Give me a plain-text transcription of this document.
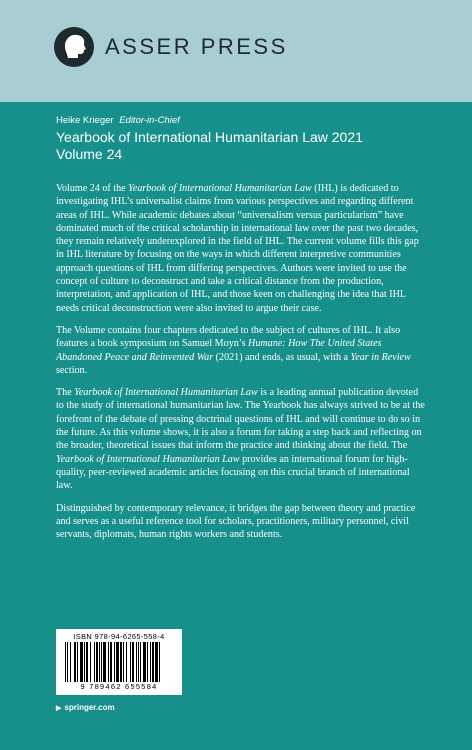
ASSER PRESS
Heike Krieger Editor-in-Chief
Yearbook of International Humanitarian Law 2021
Volume 24

Volume 24 of the Yearbook of International Humanitarian Law (IHL) is dedicated to investigating IHL’s universalist claims from various perspectives and regarding different areas of IHL. While academic debates about “universalism versus particularism” have dominated much of the critical scholarship in international law over the past two decades, they remain relatively underexplored in the field of IHL. The current volume fills this gap in IHL literature by focusing on the ways in which different interpretive communities approach questions of IHL from differing perspectives. Authors were invited to use the concept of culture to deconstruct and take a critical distance from the production, interpretation, and application of IHL, and those keen on challenging the idea that IHL needs critical deconstruction were also invited to argue their case.

The Volume contains four chapters dedicated to the subject of cultures of IHL. It also features a book symposium on Samuel Moyn’s Humane: How The United States Abandoned Peace and Reinvented War (2021) and ends, as usual, with a Year in Review section.

The Yearbook of International Humanitarian Law is a leading annual publication devoted to the study of international humanitarian law. The Yearbook has always strived to be at the forefront of the debate of pressing doctrinal questions of IHL and will continue to do so in the future. As this volume shows, it is also a forum for taking a step back and reflecting on the broader, theoretical issues that inform the practice and thinking about the field. The Yearbook of International Humanitarian Law provides an international forum for high-quality, peer-reviewed academic articles focusing on this crucial branch of international law.

Distinguished by contemporary relevance, it bridges the gap between theory and practice and serves as a useful reference tool for scholars, practitioners, military personnel, civil servants, diplomats, human rights workers and students.

ISBN 978-94-6265-558-4
9 789462 655584
▶ springer.com
